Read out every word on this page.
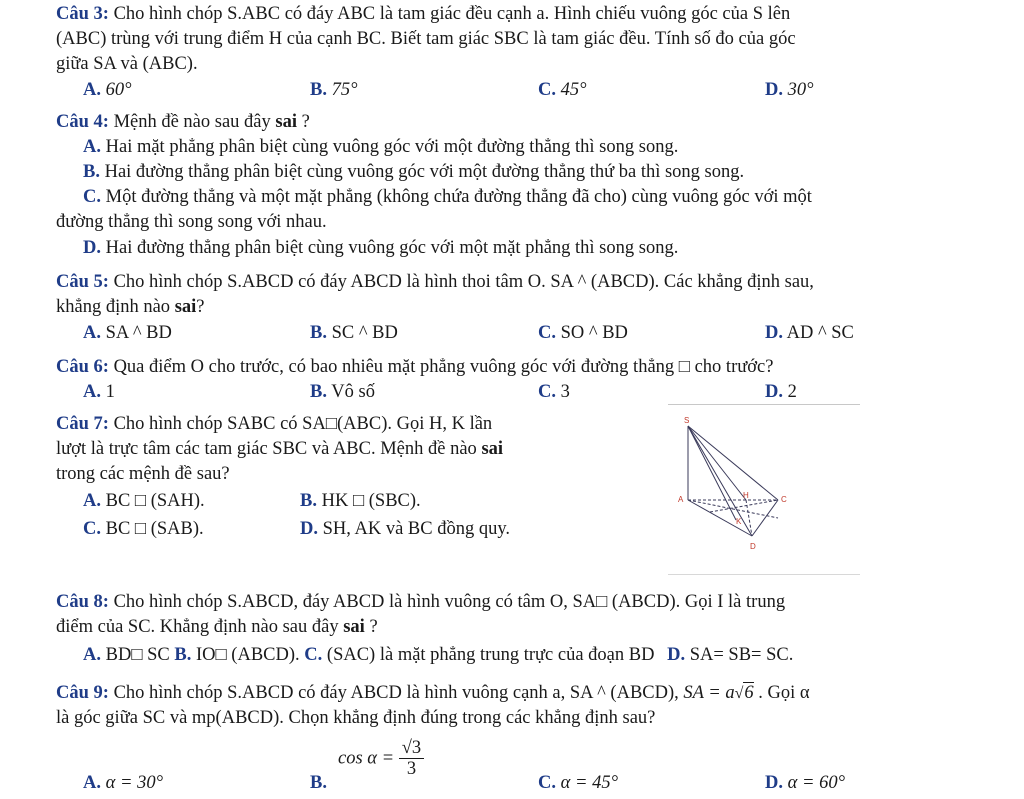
Câu 3: Cho hình chóp S.ABC có đáy ABC là tam giác đều cạnh a. Hình chiếu vuông góc của S lên
(ABC) trùng với trung điểm H của cạnh BC. Biết tam giác SBC là tam giác đều. Tính số đo của góc
giữa SA và (ABC).
A. 60°	B. 75°	C. 45°	D. 30°
Câu 4: Mệnh đề nào sau đây sai ?
A. Hai mặt phẳng phân biệt cùng vuông góc với một đường thẳng thì song song.
B. Hai đường thẳng phân biệt cùng vuông góc với một đường thẳng thứ ba thì song song.
C. Một đường thẳng và một mặt phẳng (không chứa đường thẳng đã cho) cùng vuông góc với một
đường thẳng thì song song với nhau.
D. Hai đường thẳng phân biệt cùng vuông góc với một mặt phẳng thì song song.
Câu 5: Cho hình chóp S.ABCD có đáy ABCD là hình thoi tâm O. SA ^ (ABCD). Các khẳng định sau,
khẳng định nào sai?
A. SA ^ BD	B. SC ^ BD	C. SO ^ BD	D. AD ^ SC
Câu 6: Qua điểm O cho trước, có bao nhiêu mặt phẳng vuông góc với đường thẳng □ cho trước?
A. 1	B. Vô số	C. 3	D. 2
Câu 7: Cho hình chóp SABC có SA□(ABC). Gọi H, K lần
lượt là trực tâm các tam giác SBC và ABC. Mệnh đề nào sai
trong các mệnh đề sau?
A. BC □ (SAH).	B. HK □ (SBC).
C. BC □ (SAB).	D. SH, AK và BC đồng quy.
S
A	H	C
K
D
Câu 8: Cho hình chóp S.ABCD, đáy ABCD là hình vuông có tâm O, SA□ (ABCD). Gọi I là trung
điểm của SC. Khẳng định nào sau đây sai ?
A. BD□ SC B. IO□ (ABCD). C. (SAC) là mặt phẳng trung trực của đoạn BD D. SA= SB= SC.
Câu 9: Cho hình chóp S.ABCD có đáy ABCD là hình vuông cạnh a, SA ^ (ABCD), SA = a√6 . Gọi α
là góc giữa SC và mp(ABCD). Chọn khẳng định đúng trong các khẳng định sau?
A. α = 30°	B.
$\cos \alpha = \frac{√3}{3}$
C. α = 45°	D. α = 60°
